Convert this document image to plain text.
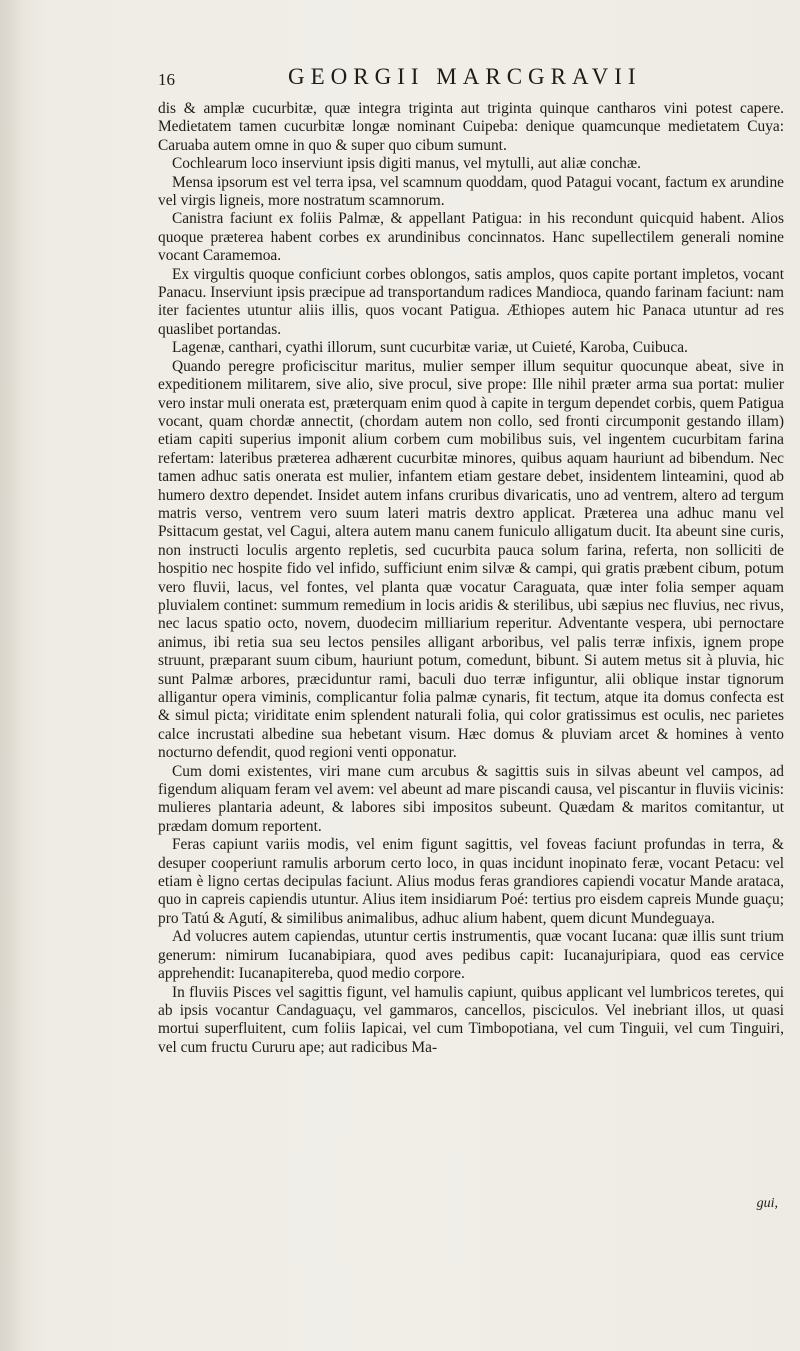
16	GEORGII MARCGRAVII

dis & amplæ cucurbitæ, quæ integra triginta aut triginta quinque cantharos vini potest capere. Medietatem tamen cucurbitæ longæ nominant Cuipeba: denique quamcunque medietatem Cuya: Caruaba autem omne in quo & super quo cibum sumunt.

Cochlearum loco inserviunt ipsis digiti manus, vel mytulli, aut aliæ conchæ.

Mensa ipsorum est vel terra ipsa, vel scamnum quoddam, quod Patagui vocant, factum ex arundine vel virgis ligneis, more nostratum scamnorum.

Canistra faciunt ex foliis Palmæ, & appellant Patigua: in his recondunt quicquid habent. Alios quoque præterea habent corbes ex arundinibus concinnatos. Hanc supellectilem generali nomine vocant Caramemoa.

Ex virgultis quoque conficiunt corbes oblongos, satis amplos, quos capite portant impletos, vocant Panacu. Inserviunt ipsis præcipue ad transportandum radices Mandioca, quando farinam faciunt: nam iter facientes utuntur aliis illis, quos vocant Patigua. Æthiopes autem hic Panaca utuntur ad res quaslibet portandas.

Lagenæ, canthari, cyathi illorum, sunt cucurbitæ variæ, ut Cuieté, Karoba, Cuibuca.

Quando peregre proficiscitur maritus, mulier semper illum sequitur quocunque abeat, sive in expeditionem militarem, sive alio, sive procul, sive prope: Ille nihil præter arma sua portat: mulier vero instar muli onerata est, præterquam enim quod à capite in tergum dependet corbis, quem Patigua vocant, quam chordæ annectit, (chordam autem non collo, sed fronti circumponit gestando illam) etiam capiti superius imponit alium corbem cum mobilibus suis, vel ingentem cucurbitam farina refertam: lateribus præterea adhærent cucurbitæ minores, quibus aquam hauriunt ad bibendum. Nec tamen adhuc satis onerata est mulier, infantem etiam gestare debet, insidentem linteamini, quod ab humero dextro dependet. Insidet autem infans cruribus divaricatis, uno ad ventrem, altero ad tergum matris verso, ventrem vero suum lateri matris dextro applicat. Præterea una adhuc manu vel Psittacum gestat, vel Cagui, altera autem manu canem funiculo alligatum ducit. Ita abeunt sine curis, non instructi loculis argento repletis, sed cucurbita pauca solum farina, referta, non solliciti de hospitio nec hospite fido vel infido, sufficiunt enim silvæ & campi, qui gratis præbent cibum, potum vero fluvii, lacus, vel fontes, vel planta quæ vocatur Caraguata, quæ inter folia semper aquam pluvialem continet: summum remedium in locis aridis & sterilibus, ubi sæpius nec fluvius, nec rivus, nec lacus spatio octo, novem, duodecim milliarium reperitur. Adventante vespera, ubi pernoctare animus, ibi retia sua seu lectos pensiles alligant arboribus, vel palis terræ infixis, ignem prope struunt, præparant suum cibum, hauriunt potum, comedunt, bibunt. Si autem metus sit à pluvia, hic sunt Palmæ arbores, præciduntur rami, baculi duo terræ infiguntur, alii oblique instar tignorum alligantur opera viminis, complicantur folia palmæ cynaris, fit tectum, atque ita domus confecta est & simul picta; viriditate enim splendent naturali folia, qui color gratissimus est oculis, nec parietes calce incrustati albedine sua hebetant visum. Hæc domus & pluviam arcet & homines à vento nocturno defendit, quod regioni venti opponatur.

Cum domi existentes, viri mane cum arcubus & sagittis suis in silvas abeunt vel campos, ad figendum aliquam feram vel avem: vel abeunt ad mare piscandi causa, vel piscantur in fluviis vicinis: mulieres plantaria adeunt, & labores sibi impositos subeunt. Quædam & maritos comitantur, ut prædam domum reportent.

Feras capiunt variis modis, vel enim figunt sagittis, vel foveas faciunt profundas in terra, & desuper cooperiunt ramulis arborum certo loco, in quas incidunt inopinato feræ, vocant Petacu: vel etiam è ligno certas decipulas faciunt. Alius modus feras grandiores capiendi vocatur Mande arataca, quo in capreis capiendis utuntur. Alius item insidiarum Poé: tertius pro eisdem capreis Munde guaçu; pro Tatú & Agutí, & similibus animalibus, adhuc alium habent, quem dicunt Mundeguaya.

Ad volucres autem capiendas, utuntur certis instrumentis, quæ vocant Iucana: quæ illis sunt trium generum: nimirum Iucanabipiara, quod aves pedibus capit: Iucanajuripiara, quod eas cervice apprehendit: Iucanapitereba, quod medio corpore.

In fluviis Pisces vel sagittis figunt, vel hamulis capiunt, quibus applicant vel lumbricos teretes, qui ab ipsis vocantur Candaguaçu, vel gammaros, cancellos, pisciculos. Vel inebriant illos, ut quasi mortui superfluitent, cum foliis Iapicai, vel cum Timbopotiana, vel cum Tinguii, vel cum Tinguiri, vel cum fructu Cururu ape; aut radicibus Ma-

gui,
